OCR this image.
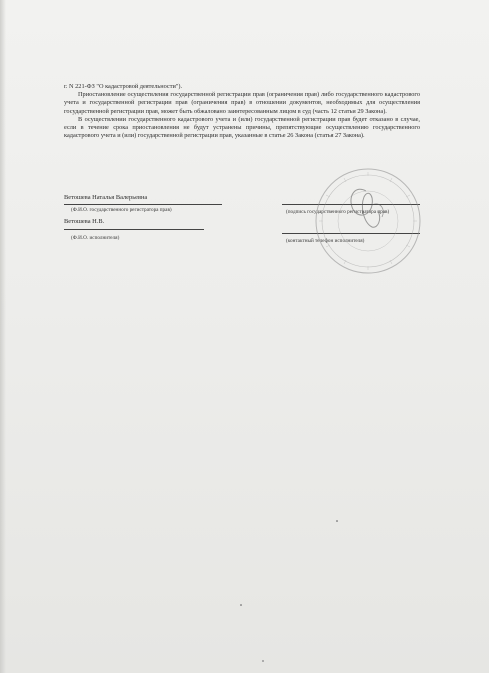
г. N 221-ФЗ "О кадастровой деятельности").

Приостановление осуществления государственной регистрации прав (ограничения прав) либо государственного кадастрового учета и государственной регистрации прав (ограничения прав) в отношении документов, необходимых для осуществления государственной регистрации прав, может быть обжаловано заинтересованным лицом в суд (часть 12 статьи 29 Закона).

В осуществлении государственного кадастрового учета и (или) государственной регистрации прав будет отказано в случае, если в течение срока приостановления не будут устранены причины, препятствующие осуществлению государственного кадастрового учета и (или) государственной регистрации прав, указанные в статье 26 Закона (статья 27 Закона).

Ветошева Наталья Валерьевна
(Ф.И.О. государственного регистратора прав)	(подпись государственного регистратора прав)
Ветошева Н.В.
(Ф.И.О. исполнителя)	(контактный телефон исполнителя)
